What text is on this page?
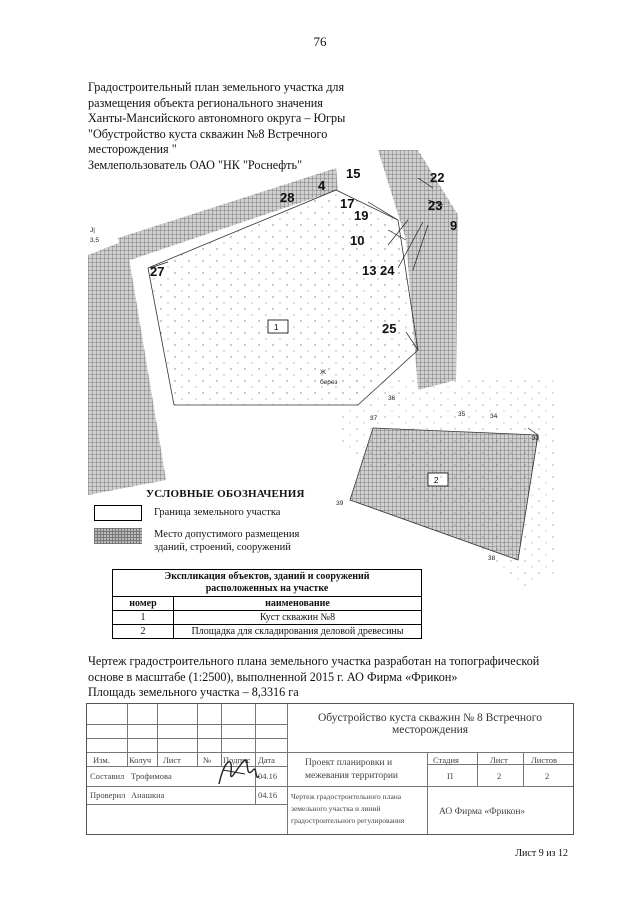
76
Градостроительный план земельного участка для
размещения объекта регионального значения
Ханты-Мансийского автономного округа – Югры
"Обустройство куста скважин №8 Встречного
месторождения "
Землепользователь ОАО "НК "Роснефть"
1
28
4
15
17
19
10
13 24
22
23
9
27
25
36
35	34
37
33
38
39
J|
3,5
Ж
берез
УСЛОВНЫЕ ОБОЗНАЧЕНИЯ
Граница земельного участка
Место допустимого размещения
зданий, строений, сооружений
Экспликация объектов, зданий и сооружений
расположенных на участке	

номер	наименование
1	Куст скважин №8
2	Площадка для складирования деловой древесины
Чертеж градостроительного плана земельного участка разработан на топографической
основе в масштабе (1:2500), выполненной 2015 г. АО Фирма «Фрикон»
Площадь земельного участка – 8,3316 га
Обустройство куста скважин № 8 Встречного
месторождения
Изм. Колуч Лист	№ Подпис Дата
Составил Трофимова	04.16
Проверил Анашкна	04.16
Проект планировки и
межевания территории
Стадия	Лист	Листов
П	2	2
Чертеж градостроительного плана
земельного участка и линий
градостроительного регулирования
АО Фирма «Фрикон»
Лист 9 из 12
